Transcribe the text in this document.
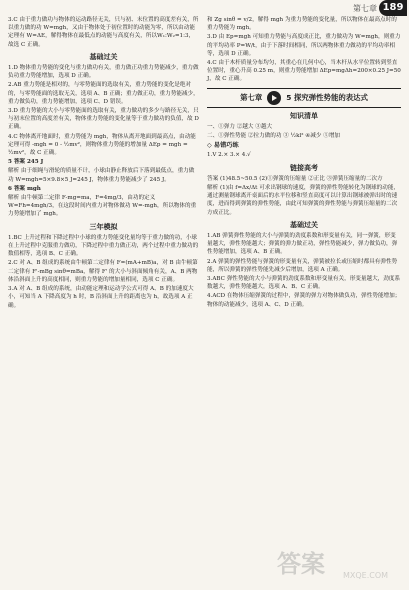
第七章 189

3.C 由于重力做功与物体的运动路径无关，只与初、末位置的高度差有关，所以重力做的功 W=mgh，又由于物体处于初位置时的动能为零，所以由动能定理有 W=ΔE，解得物体在最低点的动能与高度有关，所以W₁:W₂=1:3，故选 C 正确。

基础过关

1.D 物体重力势能的变化与重力做功有关，重力做正功重力势能减少，重力做负功重力势能增加，选项 D 正确。

2.AB 重力势能是相对的，与零势能面的选取有关，重力势能的变化是绝对的，与零势能面的选取无关，选项 A、B 正确；重力做正功，重力势能减少，重力做负功，重力势能增加，选项 C、D 错误。

3.D 重力势能的大小与零势能面的选取有关，重力做功的多少与路径无关，只与初末位置的高度差有关，物体重力势能的变化量等于重力做功的负值，故 D 正确。

4.C 物体离开地面时，重力势能为 mgh，物体从离开地面到最高点，由动能定理可得 -mgh = 0 - ½mv²，则物体重力势能的增加量 ΔEp = mgh = ½mv²，故 C 正确。

5 答案 245 J

解析 由于细绳与滑轮的质量不计，小球由静止释放后下落到最低点，重力做功 W=mgh=5×9.8×5 J=245 J，物体重力势能减少了 245 J。

6 答案 mgh

解析 由牛顿第二定律 F-mg=ma，F=4mg/3，由功的定义 W=Fh=4mgh/3，在这段时间内重力对物体做功 W=-mgh，所以物体的重力势能增加了 mgh。

三年模拟

1.BC 上升过程和下降过程中小球的重力势能变化量均等于重力做的功，小球在上升过程中克服重力做功，下降过程中重力做正功，两个过程中重力做功的数值相等，选项 B、C 正确。

2.C 对 A、B 组成的系统由牛顿第二定律有 F=(mA+mB)a，对 B 由牛顿第二定律有 F'-mBg sinθ=mBa，解得 F' 的大小与斜面倾角有关，A、B 两物体沿斜面上升的高度相同，则重力势能的增加量相同，选项 C 正确。

3.A 对 A、B 组成的系统，由动能定理和运动学公式可得 A、B 的加速度大小，可知当 A 下降高度为 h 时，B 沿斜面上升的距离也为 h，故选项 A 正确。

和 Zg sinθ = v/2，解得 mgh 为重力势能的变化量，所以物体在最高点时的重力势能为 mgh。

3.D 由 Ep=mgh 可知重力势能与高度成正比，重力做功为 W=mgh，则重力的平均功率 P=W/t，由于下落时间相同，所以两物体重力做功的平均功率相等，选项 D 正确。

4.C 由于木杆质量分布均匀，其重心在几何中心，当木杆从水平位置转到竖直位置时，重心升高 0.25 m，则重力势能增加 ΔEp=mgΔh=200×0.25 J=50 J，故 C 正确。

第七章	5 探究弹性势能的表达式
知识清单

一、①弹力 ②越大 ③越大

二、①弹性势能 ②拉力做的功 ③ ½kl² ④减少 ⑤增加

◇ 易错巧练

1.V 2.× 3.× 4.√

链接高考

答案 (1)48.5~50.5 (2)①弹簧的压缩量 ②正比 ③弹簧压缩量的二次方

解析 (1)由 f=Δx/Δt 可求出钢球的速度，弹簧的弹性势能转化为钢球的动能，通过测量钢球离开桌面后的水平位移和竖直高度可以计算出钢球被弹出时的速度，进而得到弹簧的弹性势能，由此可知弹簧的弹性势能与弹簧压缩量的二次方成正比。

基础过关

1.AB 弹簧弹性势能的大小与弹簧的劲度系数和形变量有关，同一弹簧，形变量越大，弹性势能越大；弹簧的弹力做正功，弹性势能减少，弹力做负功，弹性势能增加，选项 A、B 正确。

2.A 弹簧的弹性势能与弹簧的形变量有关，弹簧被拉长或压缩时都具有弹性势能，所以弹簧的弹性势能先减少后增加，选项 A 正确。

3.ABC 弹性势能的大小与弹簧的劲度系数和形变量有关，形变量越大，劲度系数越大，弹性势能越大，选项 A、B、C 正确。

4.ACD 在物体压缩弹簧的过程中，弹簧的弹力对物体做负功，弹性势能增加；物体的动能减少，选项 A、C、D 正确。

答案 MXQE.COM
